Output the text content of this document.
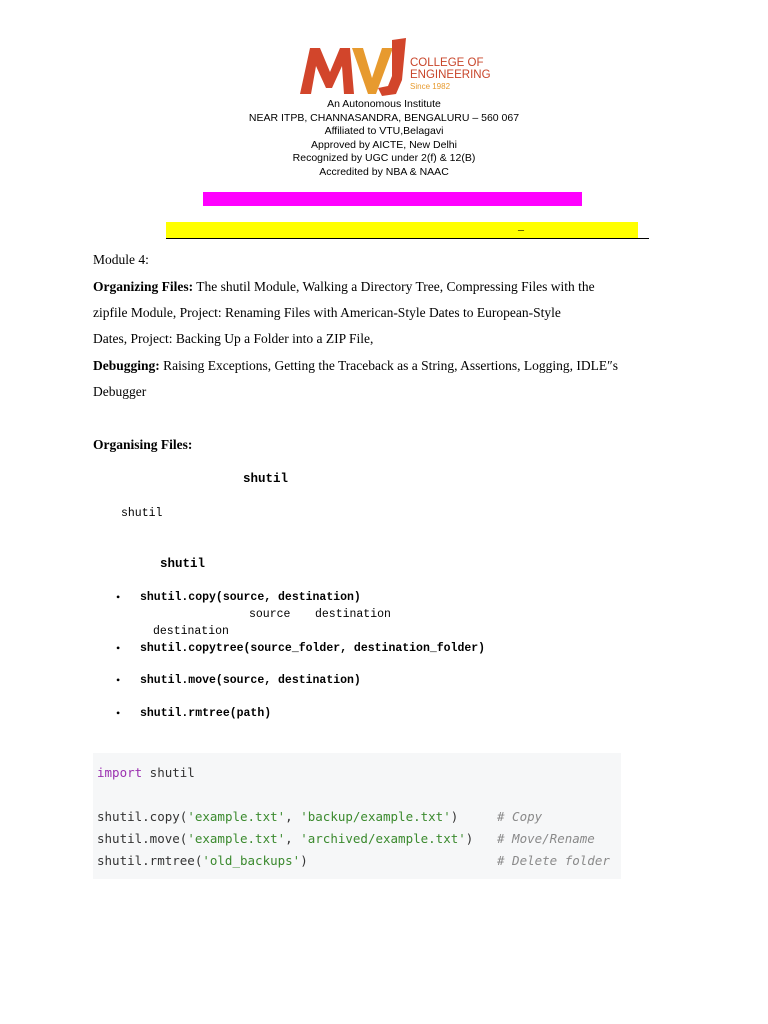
COLLEGE OF
ENGINEERING
Since 1982
An Autonomous Institute
NEAR ITPB, CHANNASANDRA, BENGALURU – 560 067
Affiliated to VTU,Belagavi
Approved by AICTE, New Delhi
Recognized by UGC under 2(f) & 12(B)
Accredited by NBA & NAAC
–
Module 4:
Organizing Files: The shutil Module, Walking a Directory Tree, Compressing Files with the
zipfile Module, Project: Renaming Files with American-Style Dates to European-Style
Dates, Project: Backing Up a Folder into a ZIP File,
Debugging: Raising Exceptions, Getting the Traceback as a String, Assertions, Logging, IDLE″s
Debugger
Organising Files:
shutil
shutil
shutil
• shutil.copy(source, destination)
source destination
destination
• shutil.copytree(source_folder, destination_folder)
• shutil.move(source, destination)
• shutil.rmtree(path)
import shutil
shutil.copy('example.txt', 'backup/example.txt')	# Copy
shutil.move('example.txt', 'archived/example.txt') # Move/Rename
shutil.rmtree('old_backups')	# Delete folder
